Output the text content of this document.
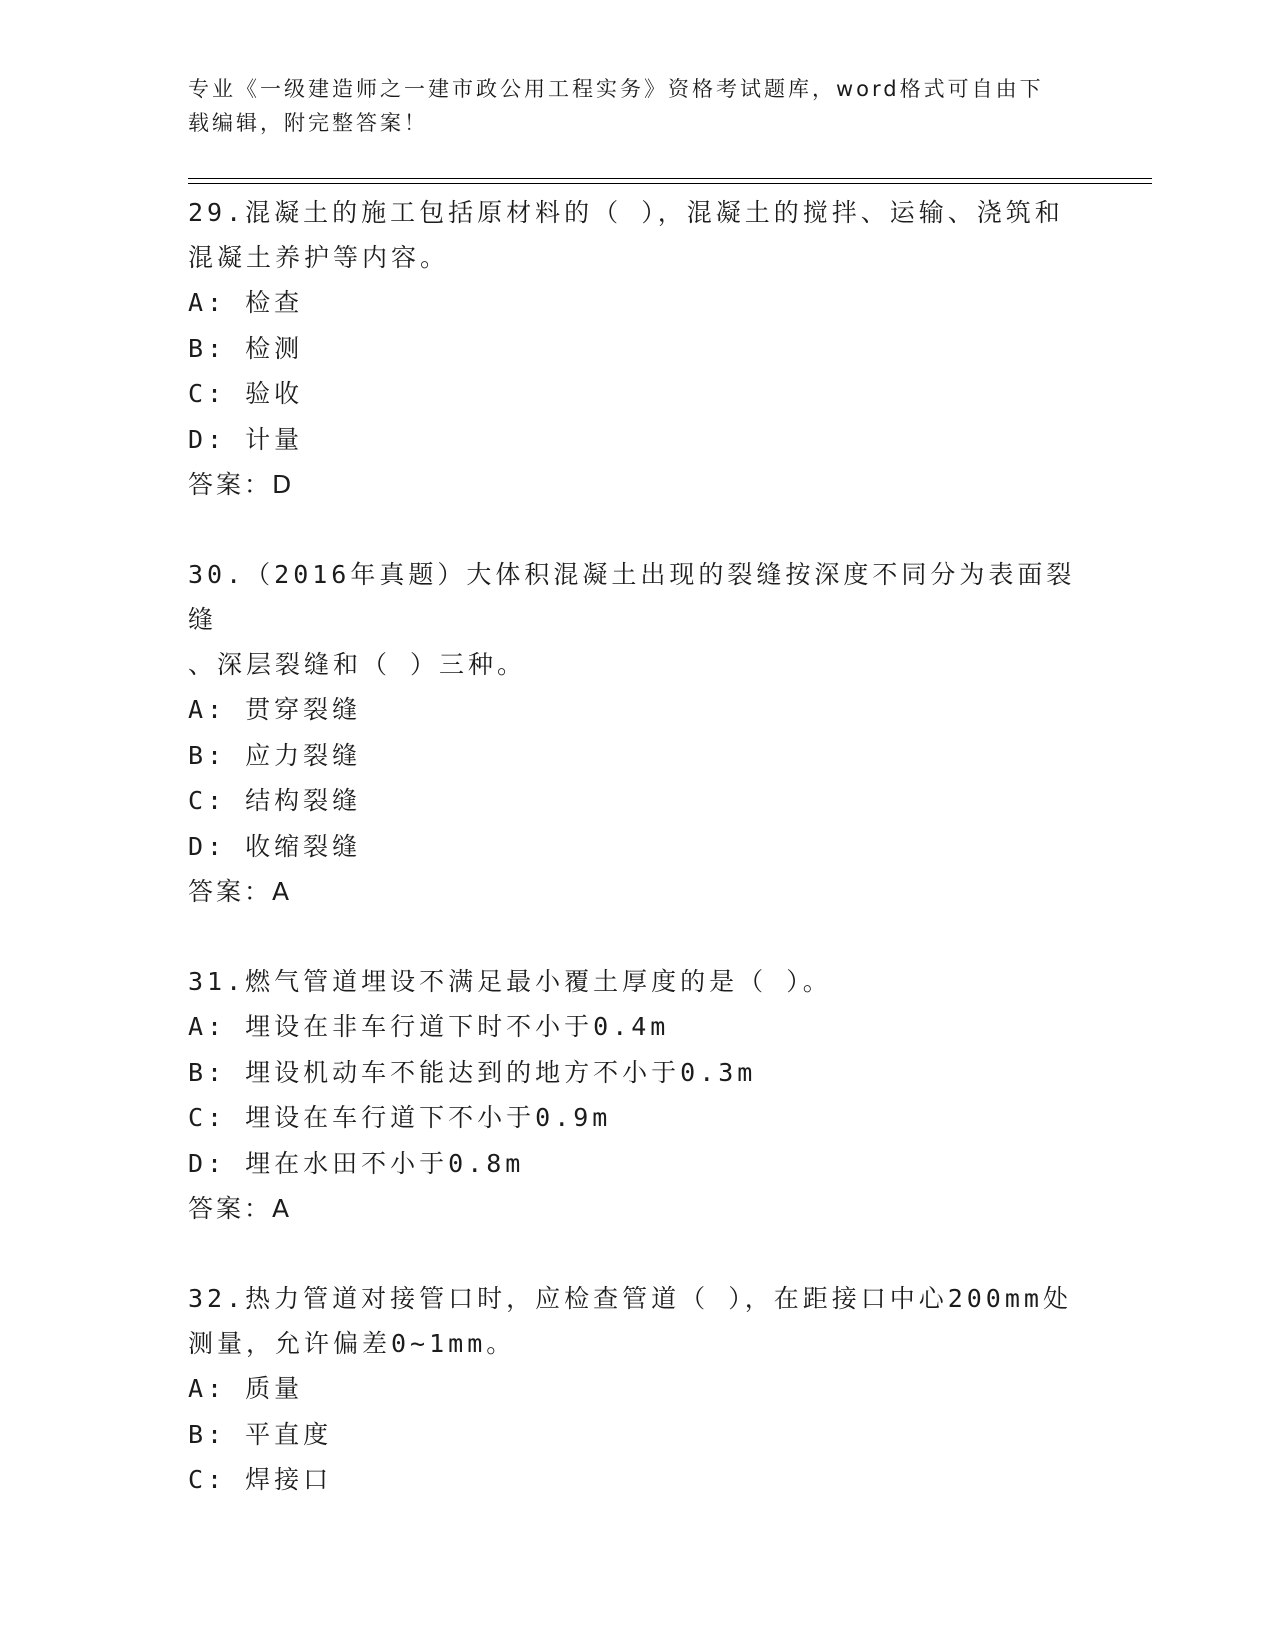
专业《一级建造师之一建市政公用工程实务》资格考试题库，word格式可自由下
载编辑，附完整答案！
29.混凝土的施工包括原材料的（ ），混凝土的搅拌、运输、浇筑和
混凝土养护等内容。
A: 检查
B: 检测
C: 验收
D: 计量
答案：D
30.（2016年真题）大体积混凝土出现的裂缝按深度不同分为表面裂缝
、深层裂缝和（ ）三种。
A: 贯穿裂缝
B: 应力裂缝
C: 结构裂缝
D: 收缩裂缝
答案：A
31.燃气管道埋设不满足最小覆土厚度的是（ ）。
A: 埋设在非车行道下时不小于0.4m
B: 埋设机动车不能达到的地方不小于0.3m
C: 埋设在车行道下不小于0.9m
D: 埋在水田不小于0.8m
答案：A
32.热力管道对接管口时，应检查管道（ ），在距接口中心200mm处
测量，允许偏差0~1mm。
A: 质量
B: 平直度
C: 焊接口
